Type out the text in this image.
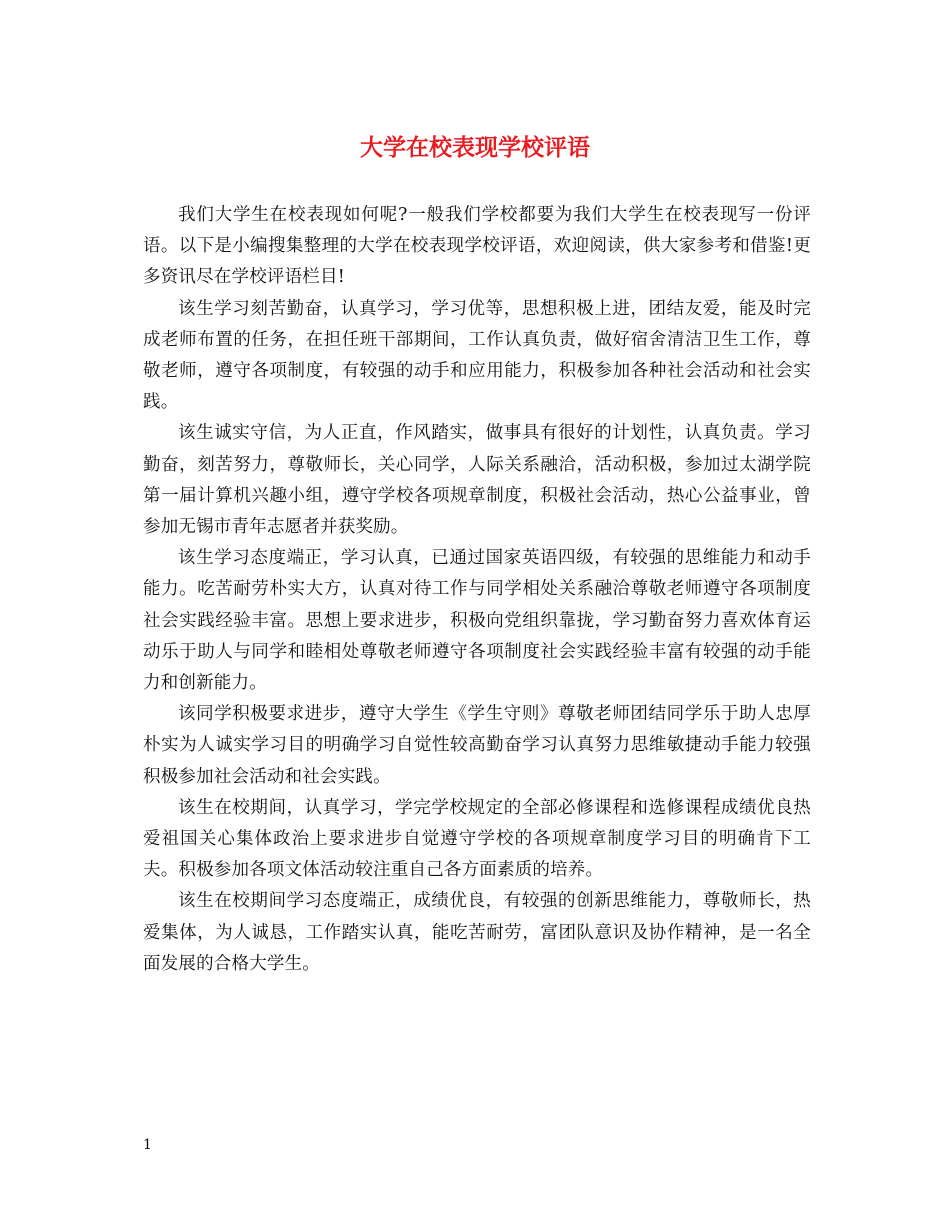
大学在校表现学校评语

我们大学生在校表现如何呢?一般我们学校都要为我们大学生在校表现写一份评语。以下是小编搜集整理的大学在校表现学校评语，欢迎阅读，供大家参考和借鉴!更多资讯尽在学校评语栏目!

该生学习刻苦勤奋，认真学习，学习优等，思想积极上进，团结友爱，能及时完成老师布置的任务，在担任班干部期间，工作认真负责，做好宿舍清洁卫生工作，尊敬老师，遵守各项制度，有较强的动手和应用能力，积极参加各种社会活动和社会实践。

该生诚实守信，为人正直，作风踏实，做事具有很好的计划性，认真负责。学习勤奋，刻苦努力，尊敬师长，关心同学，人际关系融洽，活动积极，参加过太湖学院第一届计算机兴趣小组，遵守学校各项规章制度，积极社会活动，热心公益事业，曾参加无锡市青年志愿者并获奖励。

该生学习态度端正，学习认真，已通过国家英语四级，有较强的思维能力和动手能力。吃苦耐劳朴实大方，认真对待工作与同学相处关系融洽尊敬老师遵守各项制度社会实践经验丰富。思想上要求进步，积极向党组织靠拢，学习勤奋努力喜欢体育运动乐于助人与同学和睦相处尊敬老师遵守各项制度社会实践经验丰富有较强的动手能力和创新能力。

该同学积极要求进步，遵守大学生《学生守则》尊敬老师团结同学乐于助人忠厚朴实为人诚实学习目的明确学习自觉性较高勤奋学习认真努力思维敏捷动手能力较强积极参加社会活动和社会实践。

该生在校期间，认真学习，学完学校规定的全部必修课程和选修课程成绩优良热爱祖国关心集体政治上要求进步自觉遵守学校的各项规章制度学习目的明确肯下工夫。积极参加各项文体活动较注重自己各方面素质的培养。

该生在校期间学习态度端正，成绩优良，有较强的创新思维能力，尊敬师长，热爱集体，为人诚恳，工作踏实认真，能吃苦耐劳，富团队意识及协作精神，是一名全面发展的合格大学生。

1
